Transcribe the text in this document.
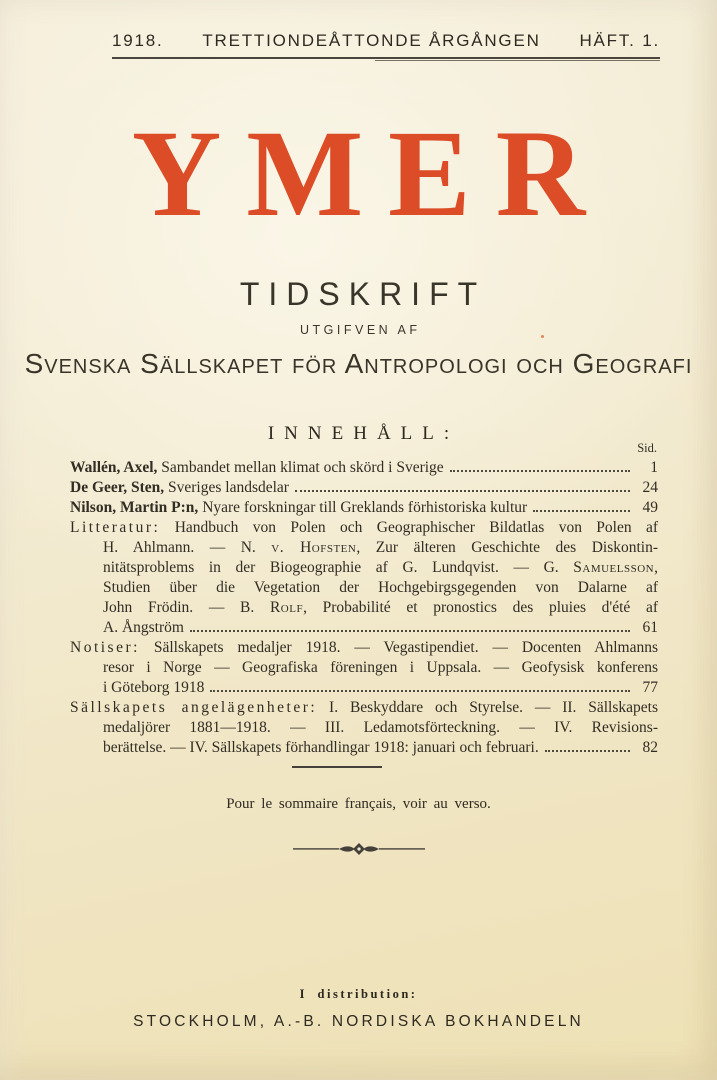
1918. TRETTIONDEÅTTONDE ÅRGÅNGEN HÄFT. 1.
YMER
TIDSKRIFT
UTGIFVEN AF
Svenska Sällskapet för Antropologi och Geografi
INNEHÅLL:
Sid.
Wallén, Axel, Sambandet mellan klimat och skörd i Sverige	1
De Geer, Sten, Sveriges landsdelar	24
Nilson, Martin P:n, Nyare forskningar till Greklands förhistoriska kultur	49
Litteratur: Handbuch von Polen och Geographischer Bildatlas von Polen af
H. Ahlmann. — N. v. Hofsten, Zur älteren Geschichte des Diskontin-
nitätsproblems in der Biogeographie af G. Lundqvist. — G. Samuelsson,
Studien über die Vegetation der Hochgebirgsgegenden von Dalarne af
John Frödin. — B. Rolf, Probabilité et pronostics des pluies d'été af
A. Ångström	61
Notiser: Sällskapets medaljer 1918. — Vegastipendiet. — Docenten Ahlmanns
resor i Norge — Geografiska föreningen i Uppsala. — Geofysisk konferens
i Göteborg 1918	77
Sällskapets angelägenheter: I. Beskyddare och Styrelse. — II. Sällskapets
medaljörer 1881—1918. — III. Ledamotsförteckning. — IV. Revisions-
berättelse. — IV. Sällskapets förhandlingar 1918: januari och februari.	82
Pour le sommaire français, voir au verso.
I distribution:
STOCKHOLM, A.-B. NORDISKA BOKHANDELN
